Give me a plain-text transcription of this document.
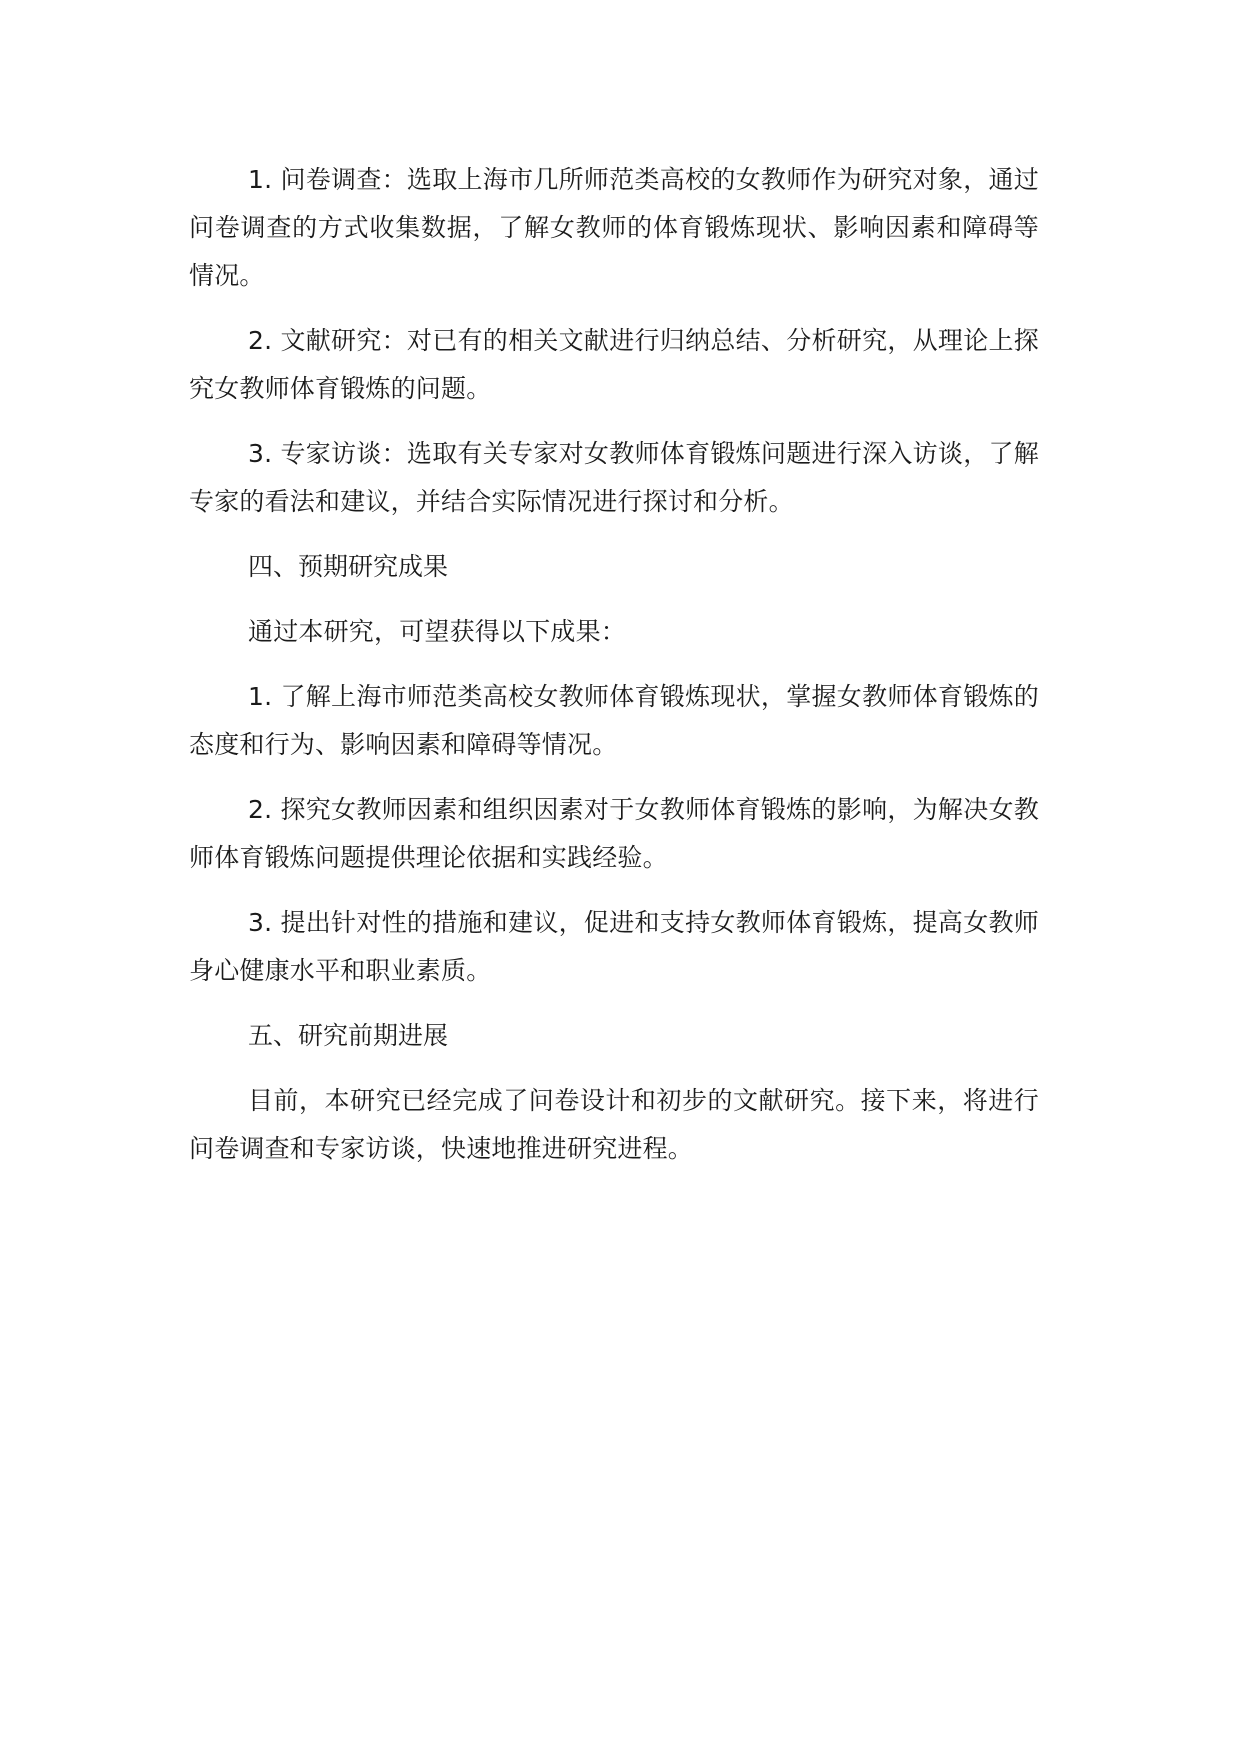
1. 问卷调查：选取上海市几所师范类高校的女教师作为研究对象，通过问卷调查的方式收集数据，了解女教师的体育锻炼现状、影响因素和障碍等情况。

2. 文献研究：对已有的相关文献进行归纳总结、分析研究，从理论上探究女教师体育锻炼的问题。

3. 专家访谈：选取有关专家对女教师体育锻炼问题进行深入访谈，了解专家的看法和建议，并结合实际情况进行探讨和分析。

四、预期研究成果

通过本研究，可望获得以下成果：

1. 了解上海市师范类高校女教师体育锻炼现状，掌握女教师体育锻炼的态度和行为、影响因素和障碍等情况。

2. 探究女教师因素和组织因素对于女教师体育锻炼的影响，为解决女教师体育锻炼问题提供理论依据和实践经验。

3. 提出针对性的措施和建议，促进和支持女教师体育锻炼，提高女教师身心健康水平和职业素质。

五、研究前期进展

目前，本研究已经完成了问卷设计和初步的文献研究。接下来，将进行问卷调查和专家访谈，快速地推进研究进程。
